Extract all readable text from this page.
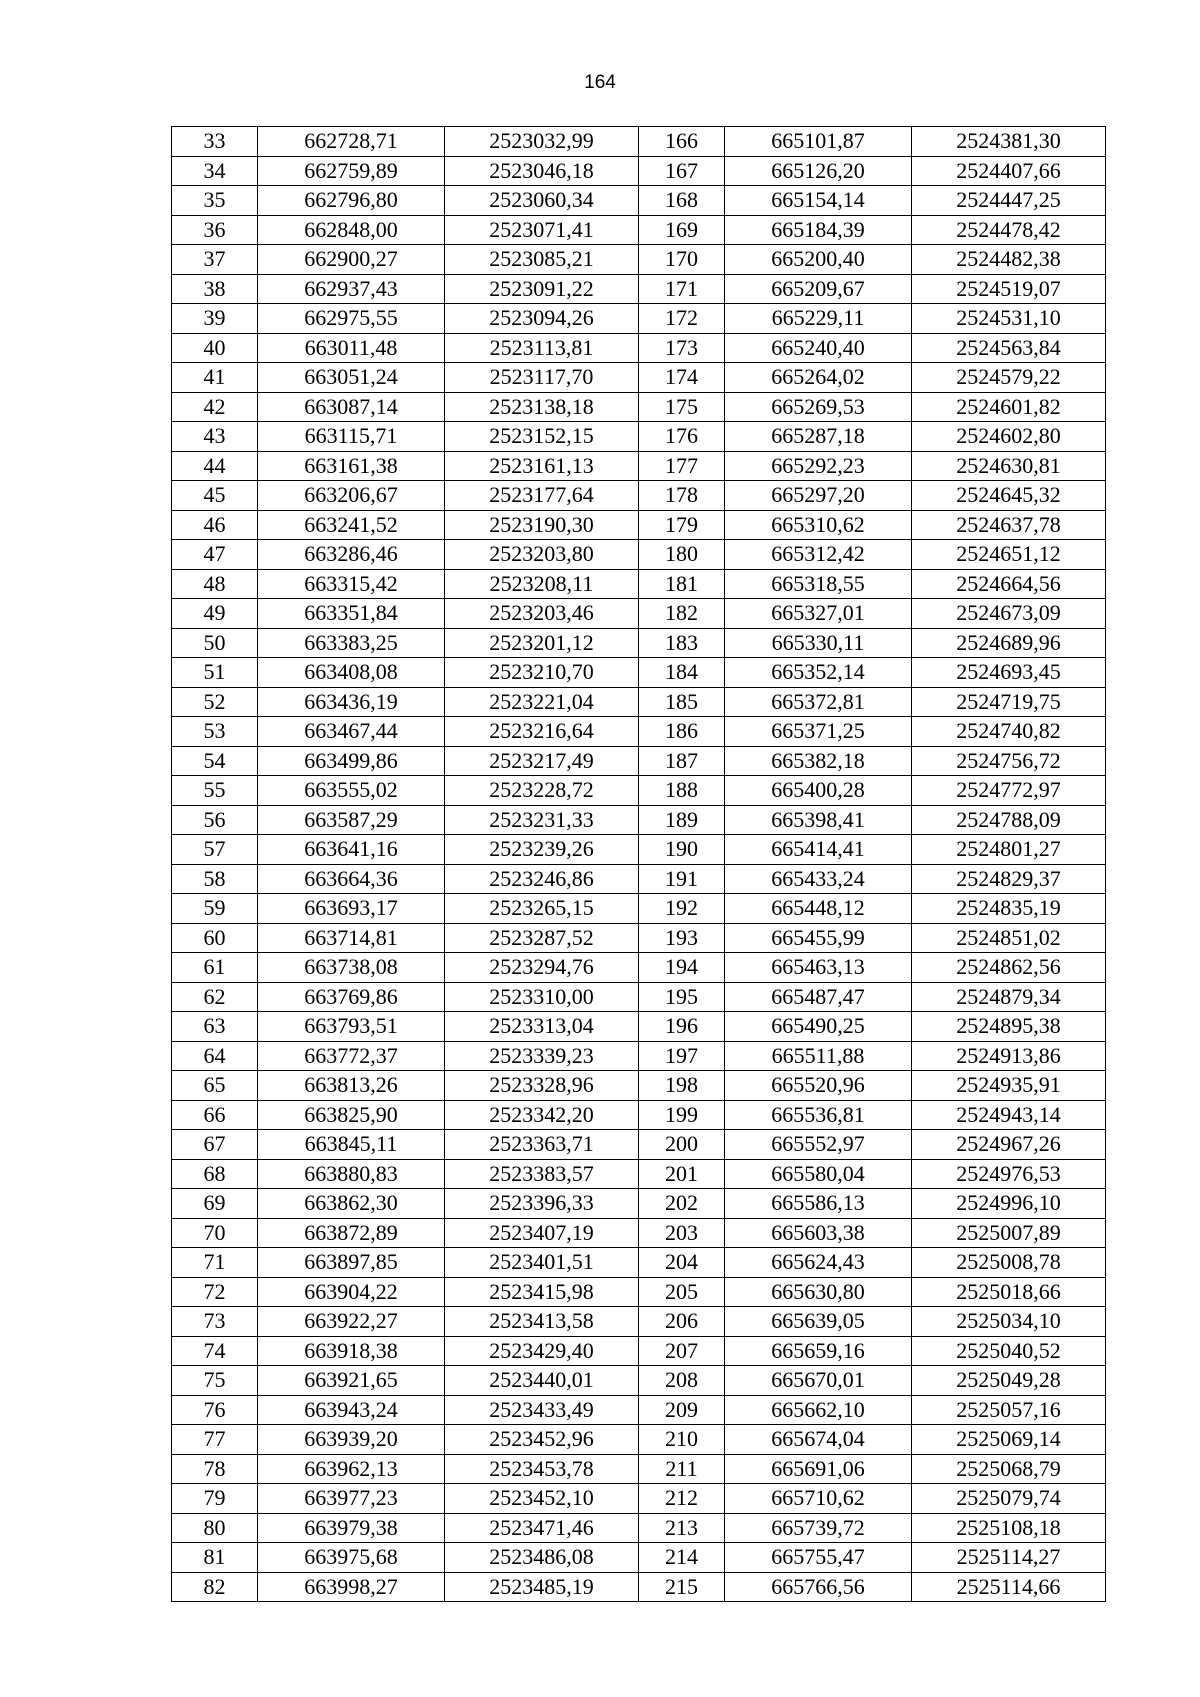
164
33	662728,71	2523032,99	166	665101,87	2524381,30
34	662759,89	2523046,18	167	665126,20	2524407,66
35	662796,80	2523060,34	168	665154,14	2524447,25
36	662848,00	2523071,41	169	665184,39	2524478,42
37	662900,27	2523085,21	170	665200,40	2524482,38
38	662937,43	2523091,22	171	665209,67	2524519,07
39	662975,55	2523094,26	172	665229,11	2524531,10
40	663011,48	2523113,81	173	665240,40	2524563,84
41	663051,24	2523117,70	174	665264,02	2524579,22
42	663087,14	2523138,18	175	665269,53	2524601,82
43	663115,71	2523152,15	176	665287,18	2524602,80
44	663161,38	2523161,13	177	665292,23	2524630,81
45	663206,67	2523177,64	178	665297,20	2524645,32
46	663241,52	2523190,30	179	665310,62	2524637,78
47	663286,46	2523203,80	180	665312,42	2524651,12
48	663315,42	2523208,11	181	665318,55	2524664,56
49	663351,84	2523203,46	182	665327,01	2524673,09
50	663383,25	2523201,12	183	665330,11	2524689,96
51	663408,08	2523210,70	184	665352,14	2524693,45
52	663436,19	2523221,04	185	665372,81	2524719,75
53	663467,44	2523216,64	186	665371,25	2524740,82
54	663499,86	2523217,49	187	665382,18	2524756,72
55	663555,02	2523228,72	188	665400,28	2524772,97
56	663587,29	2523231,33	189	665398,41	2524788,09
57	663641,16	2523239,26	190	665414,41	2524801,27
58	663664,36	2523246,86	191	665433,24	2524829,37
59	663693,17	2523265,15	192	665448,12	2524835,19
60	663714,81	2523287,52	193	665455,99	2524851,02
61	663738,08	2523294,76	194	665463,13	2524862,56
62	663769,86	2523310,00	195	665487,47	2524879,34
63	663793,51	2523313,04	196	665490,25	2524895,38
64	663772,37	2523339,23	197	665511,88	2524913,86
65	663813,26	2523328,96	198	665520,96	2524935,91
66	663825,90	2523342,20	199	665536,81	2524943,14
67	663845,11	2523363,71	200	665552,97	2524967,26
68	663880,83	2523383,57	201	665580,04	2524976,53
69	663862,30	2523396,33	202	665586,13	2524996,10
70	663872,89	2523407,19	203	665603,38	2525007,89
71	663897,85	2523401,51	204	665624,43	2525008,78
72	663904,22	2523415,98	205	665630,80	2525018,66
73	663922,27	2523413,58	206	665639,05	2525034,10
74	663918,38	2523429,40	207	665659,16	2525040,52
75	663921,65	2523440,01	208	665670,01	2525049,28
76	663943,24	2523433,49	209	665662,10	2525057,16
77	663939,20	2523452,96	210	665674,04	2525069,14
78	663962,13	2523453,78	211	665691,06	2525068,79
79	663977,23	2523452,10	212	665710,62	2525079,74
80	663979,38	2523471,46	213	665739,72	2525108,18
81	663975,68	2523486,08	214	665755,47	2525114,27
82	663998,27	2523485,19	215	665766,56	2525114,66
